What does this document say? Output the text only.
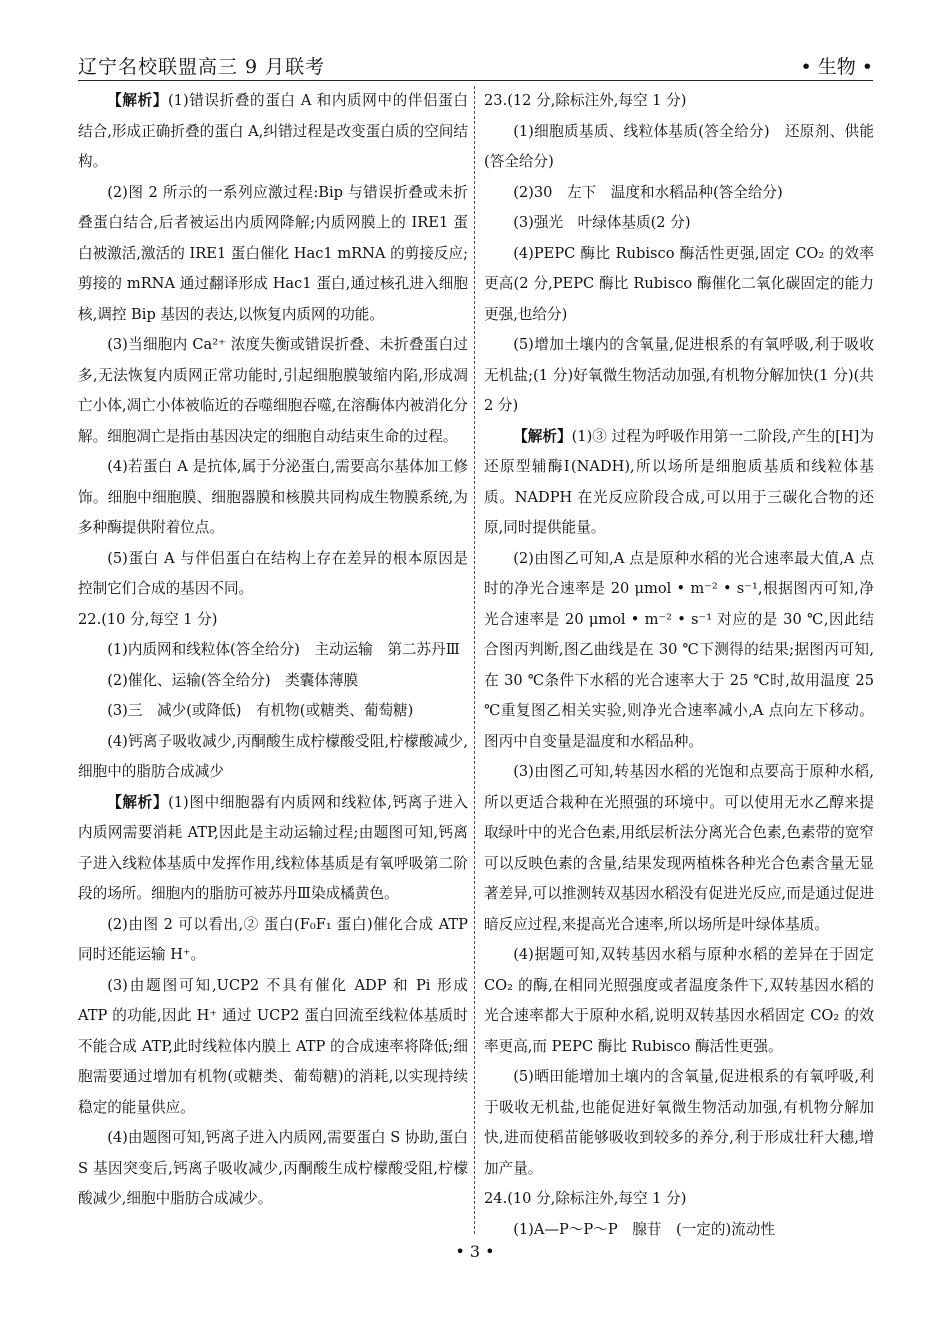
辽宁名校联盟高三 9 月联考	• 生物 •

【解析】(1)错误折叠的蛋白 A 和内质网中的伴侣蛋白结合,形成正确折叠的蛋白 A,纠错过程是改变蛋白质的空间结构。

(2)图 2 所示的一系列应激过程:Bip 与错误折叠或未折叠蛋白结合,后者被运出内质网降解;内质网膜上的 IRE1 蛋白被激活,激活的 IRE1 蛋白催化 Hac1 mRNA 的剪接反应;剪接的 mRNA 通过翻译形成 Hac1 蛋白,通过核孔进入细胞核,调控 Bip 基因的表达,以恢复内质网的功能。

(3)当细胞内 Ca²⁺ 浓度失衡或错误折叠、未折叠蛋白过多,无法恢复内质网正常功能时,引起细胞膜皱缩内陷,形成凋亡小体,凋亡小体被临近的吞噬细胞吞噬,在溶酶体内被消化分解。细胞凋亡是指由基因决定的细胞自动结束生命的过程。

(4)若蛋白 A 是抗体,属于分泌蛋白,需要高尔基体加工修饰。细胞中细胞膜、细胞器膜和核膜共同构成生物膜系统,为多种酶提供附着位点。

(5)蛋白 A 与伴侣蛋白在结构上存在差异的根本原因是控制它们合成的基因不同。

22.(10 分,每空 1 分)

(1)内质网和线粒体(答全给分)　主动运输　第二苏丹Ⅲ

(2)催化、运输(答全给分)　类囊体薄膜

(3)三　减少(或降低)　有机物(或糖类、葡萄糖)

(4)钙离子吸收减少,丙酮酸生成柠檬酸受阻,柠檬酸减少,细胞中的脂肪合成减少

【解析】(1)图中细胞器有内质网和线粒体,钙离子进入内质网需要消耗 ATP,因此是主动运输过程;由题图可知,钙离子进入线粒体基质中发挥作用,线粒体基质是有氧呼吸第二阶段的场所。细胞内的脂肪可被苏丹Ⅲ染成橘黄色。

(2)由图 2 可以看出,② 蛋白(F₀F₁ 蛋白)催化合成 ATP 同时还能运输 H⁺。

(3)由题图可知,UCP2 不具有催化 ADP 和 Pi 形成 ATP 的功能,因此 H⁺ 通过 UCP2 蛋白回流至线粒体基质时不能合成 ATP,此时线粒体内膜上 ATP 的合成速率将降低;细胞需要通过增加有机物(或糖类、葡萄糖)的消耗,以实现持续稳定的能量供应。

(4)由题图可知,钙离子进入内质网,需要蛋白 S 协助,蛋白 S 基因突变后,钙离子吸收减少,丙酮酸生成柠檬酸受阻,柠檬酸减少,细胞中脂肪合成减少。

23.(12 分,除标注外,每空 1 分)

(1)细胞质基质、线粒体基质(答全给分)　还原剂、供能(答全给分)

(2)30　左下　温度和水稻品种(答全给分)

(3)强光　叶绿体基质(2 分)

(4)PEPC 酶比 Rubisco 酶活性更强,固定 CO₂ 的效率更高(2 分,PEPC 酶比 Rubisco 酶催化二氧化碳固定的能力更强,也给分)

(5)增加土壤内的含氧量,促进根系的有氧呼吸,利于吸收无机盐;(1 分)好氧微生物活动加强,有机物分解加快(1 分)(共 2 分)

【解析】(1)③ 过程为呼吸作用第一二阶段,产生的[H]为还原型辅酶Ⅰ(NADH),所以场所是细胞质基质和线粒体基质。NADPH 在光反应阶段合成,可以用于三碳化合物的还原,同时提供能量。

(2)由图乙可知,A 点是原种水稻的光合速率最大值,A 点时的净光合速率是 20 μmol • m⁻² • s⁻¹,根据图丙可知,净光合速率是 20 μmol • m⁻² • s⁻¹ 对应的是 30 ℃,因此结合图丙判断,图乙曲线是在 30 ℃下测得的结果;据图丙可知,在 30 ℃条件下水稻的光合速率大于 25 ℃时,故用温度 25 ℃重复图乙相关实验,则净光合速率减小,A 点向左下移动。图丙中自变量是温度和水稻品种。

(3)由图乙可知,转基因水稻的光饱和点要高于原种水稻,所以更适合栽种在光照强的环境中。可以使用无水乙醇来提取绿叶中的光合色素,用纸层析法分离光合色素,色素带的宽窄可以反映色素的含量,结果发现两植株各种光合色素含量无显著差异,可以推测转双基因水稻没有促进光反应,而是通过促进暗反应过程,来提高光合速率,所以场所是叶绿体基质。

(4)据题可知,双转基因水稻与原种水稻的差异在于固定 CO₂ 的酶,在相同光照强度或者温度条件下,双转基因水稻的光合速率都大于原种水稻,说明双转基因水稻固定 CO₂ 的效率更高,而 PEPC 酶比 Rubisco 酶活性更强。

(5)晒田能增加土壤内的含氧量,促进根系的有氧呼吸,利于吸收无机盐,也能促进好氧微生物活动加强,有机物分解加快,进而使稻苗能够吸收到较多的养分,利于形成壮秆大穗,增加产量。

24.(10 分,除标注外,每空 1 分)

(1)A—P～P～P　腺苷　(一定的)流动性

• 3 •
